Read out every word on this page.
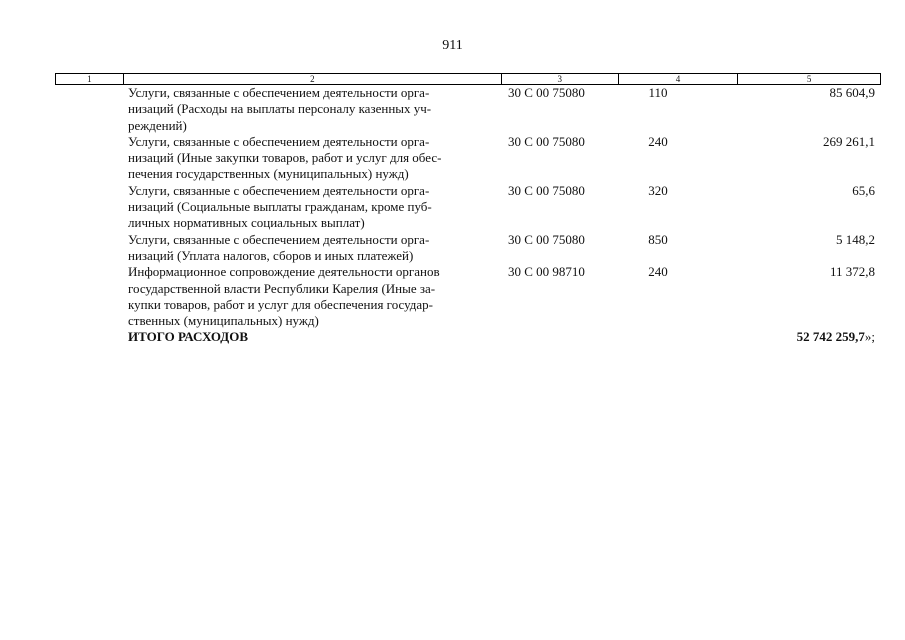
911
1	2	3	4	5
Услуги, связанные с обеспечением деятельности орга-
низаций (Расходы на выплаты персоналу казенных уч-
реждений)
30 С 00 75080	110	85 604,9
Услуги, связанные с обеспечением деятельности орга-
низаций (Иные закупки товаров, работ и услуг для обес-
печения государственных (муниципальных) нужд)
30 С 00 75080	240	269 261,1
Услуги, связанные с обеспечением деятельности орга-
низаций (Социальные выплаты гражданам, кроме пуб-
личных нормативных социальных выплат)
30 С 00 75080	320	65,6
Услуги, связанные с обеспечением деятельности орга-
низаций (Уплата налогов, сборов и иных платежей)
30 С 00 75080	850	5 148,2
Информационное сопровождение деятельности органов
государственной власти Республики Карелия (Иные за-
купки товаров, работ и услуг для обеспечения государ-
ственных (муниципальных) нужд)
30 С 00 98710	240	11 372,8
ИТОГО РАСХОДОВ	52 742 259,7»;
